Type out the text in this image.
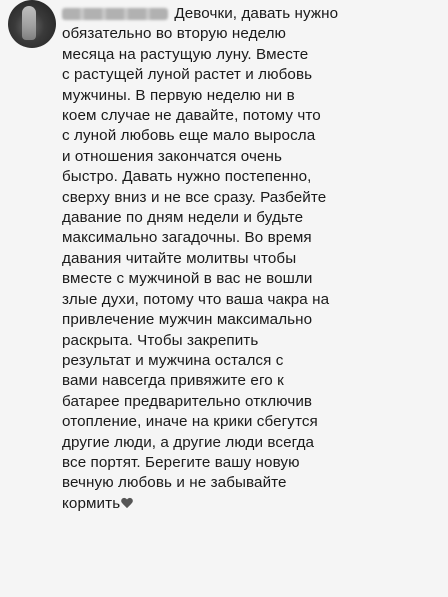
Девочки, давать нужно
обязательно во вторую неделю
месяца на растущую луну. Вместе
с растущей луной растет и любовь
мужчины. В первую неделю ни в
коем случае не давайте, потому что
с луной любовь еще мало выросла
и отношения закончатся очень
быстро. Давать нужно постепенно,
сверху вниз и не все сразу. Разбейте
давание по дням недели и будьте
максимально загадочны. Во время
давания читайте молитвы чтобы
вместе с мужчиной в вас не вошли
злые духи, потому что ваша чакра на
привлечение мужчин максимально
раскрыта. Чтобы закрепить
результат и мужчина остался с
вами навсегда привяжите его к
батарее предварительно отключив
отопление, иначе на крики сбегутся
другие люди, а другие люди всегда
все портят. Берегите вашу новую
вечную любовь и не забывайте
кормить
